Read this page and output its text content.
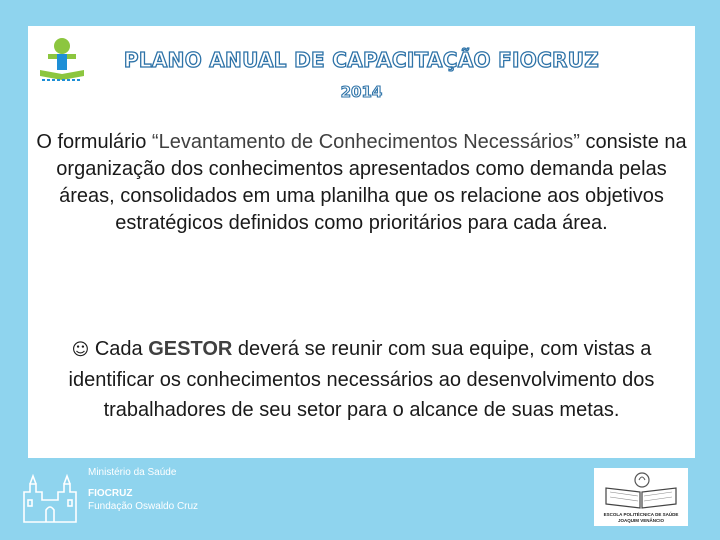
PLANO ANUAL DE CAPACITAÇÃO FIOCRUZ
2014
O formulário “Levantamento de Conhecimentos Necessários” consiste na organização dos conhecimentos apresentados como demanda pelas áreas, consolidados em uma planilha que os relacione aos objetivos estratégicos definidos como prioritários para cada área.
☺ Cada GESTOR deverá se reunir com sua equipe, com vistas a identificar os conhecimentos necessários ao desenvolvimento dos trabalhadores de seu setor para o alcance de suas metas.
Ministério da Saúde
FIOCRUZ
Fundação Oswaldo Cruz
ESCOLA POLITÉCNICA DE SAÚDE
JOAQUIM VENÂNCIO
